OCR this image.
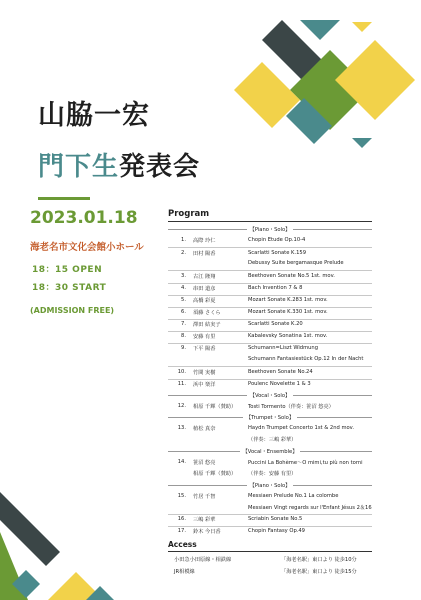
山脇一宏
門下生発表会
2023.01.18
海老名市文化会館小ホール
18：15 OPEN
18：30 START
(ADMISSION FREE)
Program
【Piano・Solo】
1. 高際 玲仁	Chopin Etude Op.10-4
2. 田村 陽香	Scarlatti Sonate K.159
Debussy Suite bergamasque Prelude
3. 古江 隆翔	Beethoven Sonate No.5 1st. mov.
4. 串田 道彦	Bach Invention 7 & 8
5. 高橋 彩夏	Mozart Sonate K.283 1st. mov.
6. 須藤 さくら	Mozart Sonate K.330 1st. mov.
7. 澤田 結実子	Scarlatti Sonate K.20
8. 安藤 有里	Kabalevsky Sonatina 1st. mov.
9. 下平 陽香	Schumann=Liszt Widmung
Schumann Fantasiestück Op.12 In der Nacht
10. 竹間 実樹	Beethoven Sonate No.24
11. 浜中 楽洋	Poulenc Novelette 1 & 3
【Vocal・Solo】
12. 相原 千輝（賛助） Tosti Tormento（伴奏：笹沼 悠亮）
【Trumpet・Solo】
13. 植松 真奈	Haydn Trumpet Concerto 1st & 2nd mov.
（伴奏：三嶋 彩華）
【Vocal・Ensemble】
14. 笹沼 悠亮	Puccini La Bohème～O mimi,tu più non torni
相原 千輝（賛助） （伴奏：安藤 有里）
【Piano・Solo】
15. 竹居 千智	Messiaen Prelude No.1 La colombe
Messiaen Vingt regards sur l'Enfant Jésus 2＆16
16. 三嶋 彩華	Scriabin Sonate No.5
17. 鈴木 今日香	Chopin Fantasy Op.49
Access
小田急小田原線・相鉄線	「海老名駅」東口より 徒歩10分
JR相模線	「海老名駅」東口より 徒歩15分
